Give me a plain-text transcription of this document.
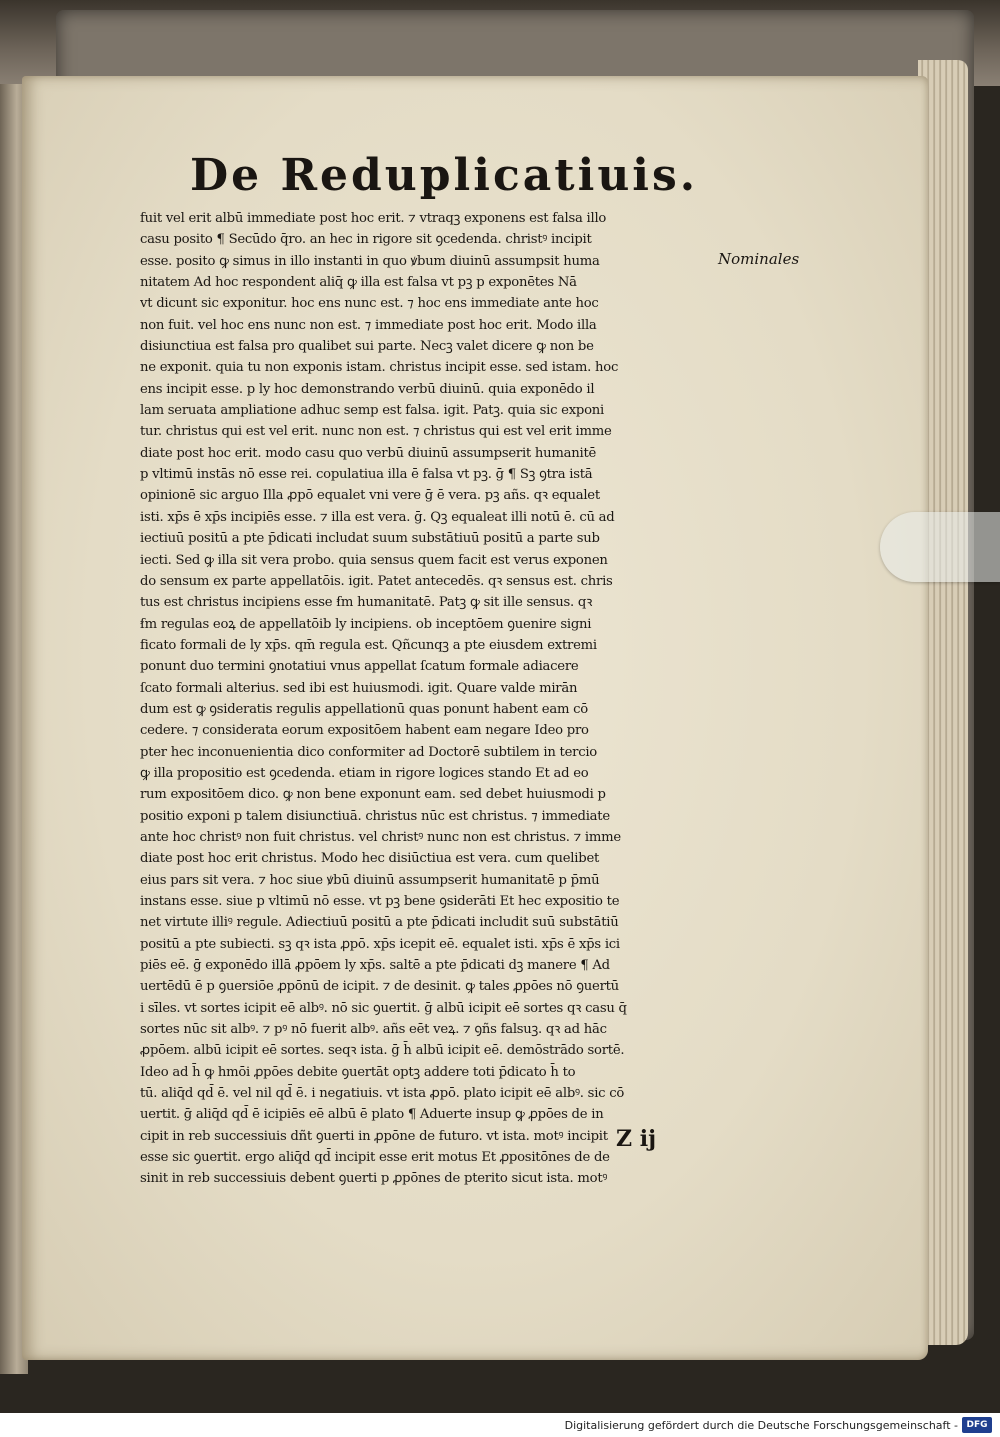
De Reduplicatiuis.
Nominales
fuit vel erit albū immediate post hoc erit. ⁊ vtraqꝫ exponens est falsa illo
casu posito ¶ Secūdo q̄ro. an hec in rigore sit ꝯcedenda. christꝰ incipit
esse. posito ꝙ simus in illo instanti in quo ꝟbum diuinū assumpsit huma
nitatem Ad hoc respondent aliq̄ ꝙ illa est falsa vt pꝫ p exponētes Nā
vt dicunt sic exponitur. hoc ens nunc est. ⁊ hoc ens immediate ante hoc
non fuit. vel hoc ens nunc non est. ⁊ immediate post hoc erit. Modo illa
disiunctiua est falsa pro qualibet sui parte. Necꝫ valet dicere ꝙ non be
ne exponit. quia tu non exponis istam. christus incipit esse. sed istam. hoc
ens incipit esse. p ly hoc demonstrando verbū diuinū. quia exponēdo il
lam seruata ampliatione adhuc semp est falsa. igit. Patꝫ. quia sic exponi
tur. christus qui est vel erit. nunc non est. ⁊ christus qui est vel erit imme
diate post hoc erit. modo casu quo verbū diuinū assumpserit humanitē
p vltimū instās nō esse rei. copulatiua illa ē falsa vt pꝫ. ḡ ¶ Sꝫ ꝯtra istā
opinionē sic arguo Illa ꝓpō equalet vni vere ḡ ē vera. pꝫ añs. qꝛ equalet
isti. xp̄s ē xp̄s incipiēs esse. ⁊ illa est vera. ḡ. Qꝫ equaleat illi notū ē. cū ad
iectiuū positū a pte p̄dicati includat suum substātiuū positū a parte sub
iecti. Sed ꝙ illa sit vera probo. quia sensus quem facit est verus exponen
do sensum ex parte appellatōis. igit. Patet antecedēs. qꝛ sensus est. chris
tus est christus incipiens esse ẜm humanitatē. Patꝫ ꝙ sit ille sensus. qꝛ
ẜm regulas eoꝝ de appellatōib ly incipiens. ob inceptōem ꝯuenire signi
ficato formali de ly xp̄s. qm̄ regula est. Qñcunqꝫ a pte eiusdem extremi
ponunt duo termini ꝯnotatiui vnus appellat ſcatum formale adiacere
ſcato formali alterius. sed ibi est huiusmodi. igit. Quare valde mirān
dum est ꝙ ꝯsideratis regulis appellationū quas ponunt habent eam cō
cedere. ⁊ considerata eorum expositōem habent eam negare Ideo pro
pter hec inconuenientia dico conformiter ad Doctorē subtilem in tercio
ꝙ illa propositio est ꝯcedenda. etiam in rigore logices stando Et ad eo
rum expositōem dico. ꝙ non bene exponunt eam. sed debet huiusmodi p
positio exponi p talem disiunctiuā. christus nūc est christus. ⁊ immediate
ante hoc christꝰ non fuit christus. vel christꝰ nunc non est christus. ⁊ imme
diate post hoc erit christus. Modo hec disiūctiua est vera. cum quelibet
eius pars sit vera. ⁊ hoc siue ꝟbū diuinū assumpserit humanitatē p p̄mū
instans esse. siue p vltimū nō esse. vt pꝫ bene ꝯsiderāti Et hec expositio te
net virtute illiꝰ regule. Adiectiuū positū a pte p̄dicati includit suū substātiū
positū a pte subiecti. sꝫ qꝛ ista ꝓpō. xp̄s icepit eē. equalet isti. xp̄s ē xp̄s ici
piēs eē. ḡ exponēdo illā ꝓpōem ly xp̄s. saltē a pte p̄dicati dꝫ manere ¶ Ad
uertēdū ē p ꝯuersiōe ꝓpōnū de icipit. ⁊ de desinit. ꝙ tales ꝓpōes nō ꝯuertū
i sīles. vt sortes icipit eē albꝰ. nō sic ꝯuertit. ḡ albū icipit eē sortes qꝛ casu q̄
sortes nūc sit albꝰ. ⁊ pꝰ nō fuerit albꝰ. añs eēt veꝝ. ⁊ ꝯñs falsuꝫ. qꝛ ad hāc
ꝓpōem. albū icipit eē sortes. seqꝛ ista. ḡ h̄ albū icipit eē. demōstrādo sortē.
Ideo ad h̄ ꝙ hmōi ꝓpōes debite ꝯuertāt optꝫ addere toti p̄dicato h̄ to
tū. aliq̄d qd̄ ē. vel nil qd̄ ē. i negatiuis. vt ista ꝓpō. plato icipit eē albꝰ. sic cō
uertit. ḡ aliq̄d qd̄ ē icipiēs eē albū ē plato ¶ Aduerte insup ꝙ ꝓpōes de in
cipit in reb successiuis dñt ꝯuerti in ꝓpōne de futuro. vt ista. motꝰ incipit
esse sic ꝯuertit. ergo aliq̄d qd̄ incipit esse erit motus Et ꝓpositōnes de de
sinit in reb successiuis debent ꝯuerti p ꝓpōnes de pterito sicut ista. motꝰ
Z ij
Digitalisierung gefördert durch die Deutsche Forschungsgemeinschaft - DFG
